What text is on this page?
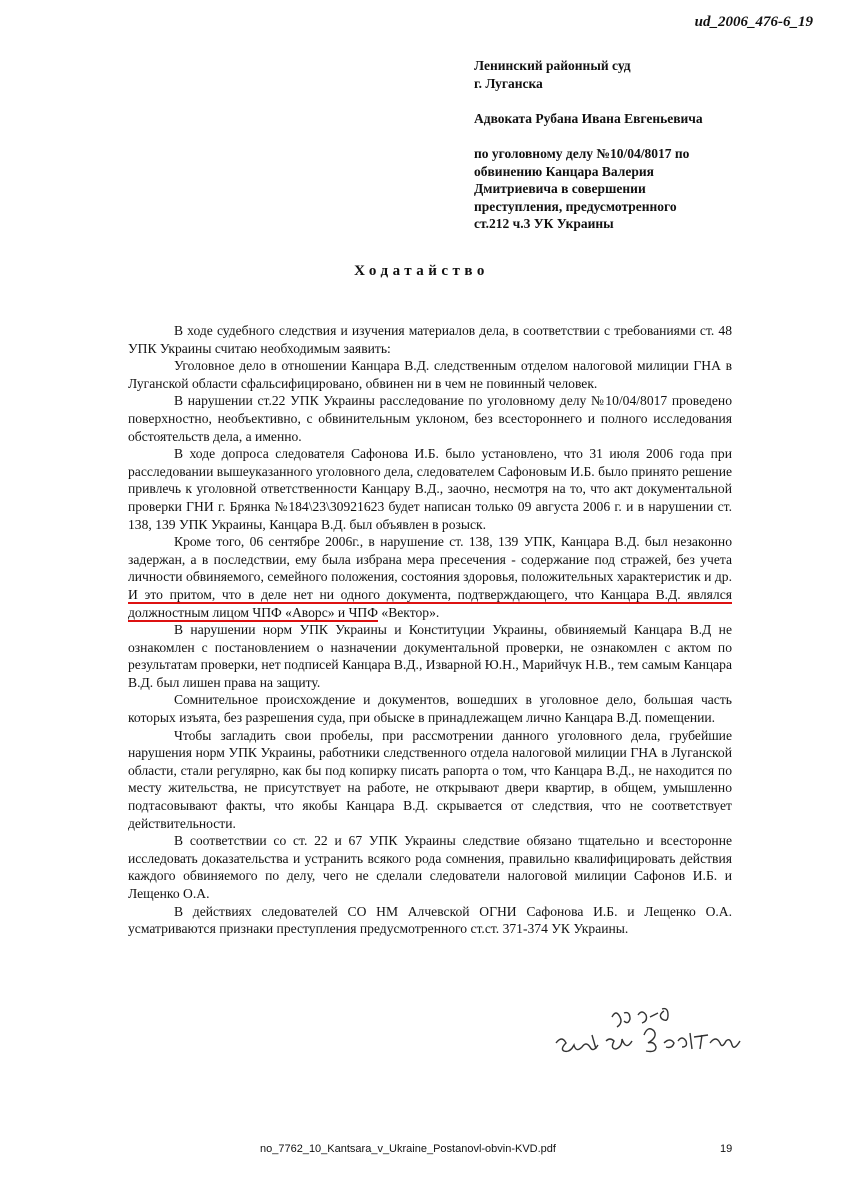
ud_2006_476-6_19
Ленинский районный суд
г. Луганска
Адвоката Рубана Ивана Евгеньевича
по уголовному делу №10/04/8017 по
обвинению Канцара Валерия
Дмитриевича в совершении
преступления, предусмотренного
ст.212 ч.3 УК Украины
Ходатайство

В ходе судебного следствия и изучения материалов дела, в соответствии с требованиями ст. 48 УПК Украины считаю необходимым заявить:

Уголовное дело в отношении Канцара В.Д. следственным отделом налоговой милиции ГНА в Луганской области сфальсифицировано, обвинен ни в чем не повинный человек.

В нарушении ст.22 УПК Украины расследование по уголовному делу №10/04/8017 проведено поверхностно, необъективно, с обвинительным уклоном, без всестороннего и полного исследования обстоятельств дела, а именно.

В ходе допроса следователя Сафонова И.Б. было установлено, что 31 июля 2006 года при расследовании вышеуказанного уголовного дела, следователем Сафоновым И.Б. было принято решение привлечь к уголовной ответственности Канцару В.Д., заочно, несмотря на то, что акт документальной проверки ГНИ г. Брянка №184\23\30921623 будет написан только 09 августа 2006 г. и в нарушении ст. 138, 139 УПК Украины, Канцара В.Д. был объявлен в розыск.

Кроме того, 06 сентябре 2006г., в нарушение ст. 138, 139 УПК, Канцара В.Д. был незаконно задержан, а в последствии, ему была избрана мера пресечения - содержание под стражей, без учета личности обвиняемого, семейного положения, состояния здоровья, положительных характеристик и др. И это притом, что в деле нет ни одного документа, подтверждающего, что Канцара В.Д. являлся должностным лицом ЧПФ «Аворс» и ЧПФ «Вектор».

В нарушении норм УПК Украины и Конституции Украины, обвиняемый Канцара В.Д не ознакомлен с постановлением о назначении документальной проверки, не ознакомлен с актом по результатам проверки, нет подписей Канцара В.Д., Изварной Ю.Н., Марийчук Н.В., тем самым Канцара В.Д. был лишен права на защиту.

Сомнительное происхождение и документов, вошедших в уголовное дело, большая часть которых изъята, без разрешения суда, при обыске в принадлежащем лично Канцара В.Д. помещении.

Чтобы загладить свои пробелы, при рассмотрении данного уголовного дела, грубейшие нарушения норм УПК Украины, работники следственного отдела налоговой милиции ГНА в Луганской области, стали регулярно, как бы под копирку писать рапорта о том, что Канцара В.Д., не находится по месту жительства, не присутствует на работе, не открывают двери квартир, в общем, умышленно подтасовывают факты, что якобы Канцара В.Д. скрывается от следствия, что не соответствует действительности.

В соответствии со ст. 22 и 67 УПК Украины следствие обязано тщательно и всесторонне исследовать доказательства и устранить всякого рода сомнения, правильно квалифицировать действия каждого обвиняемого по делу, чего не сделали следователи налоговой милиции Сафонов И.Б. и Лещенко О.А.

В действиях следователей СО НМ Алчевской ОГНИ Сафонова И.Б. и Лещенко О.А. усматриваются признаки преступления предусмотренного ст.ст. 371-374 УК Украины.

no_7762_10_Kantsara_v_Ukraine_Postanovl-obvin-KVD.pdf	19
